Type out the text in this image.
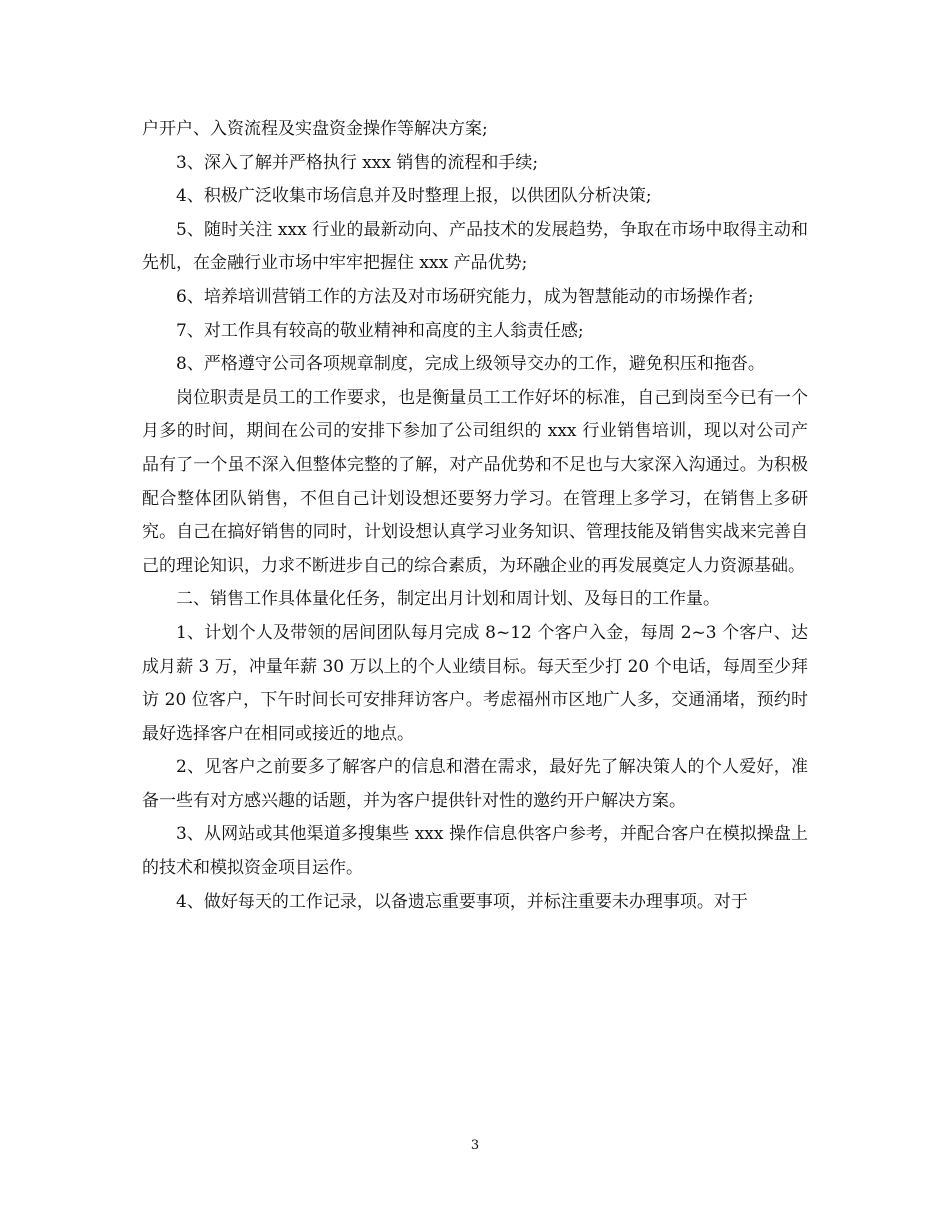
户开户、入资流程及实盘资金操作等解决方案;

3、深入了解并严格执行 xxx 销售的流程和手续;

4、积极广泛收集市场信息并及时整理上报，以供团队分析决策;

5、随时关注 xxx 行业的最新动向、产品技术的发展趋势，争取在市场中取得主动和先机，在金融行业市场中牢牢把握住 xxx 产品优势;

6、培养培训营销工作的方法及对市场研究能力，成为智慧能动的市场操作者;

7、对工作具有较高的敬业精神和高度的主人翁责任感;

8、严格遵守公司各项规章制度，完成上级领导交办的工作，避免积压和拖沓。

岗位职责是员工的工作要求，也是衡量员工工作好坏的标准，自己到岗至今已有一个月多的时间，期间在公司的安排下参加了公司组织的 xxx 行业销售培训，现以对公司产品有了一个虽不深入但整体完整的了解，对产品优势和不足也与大家深入沟通过。为积极配合整体团队销售，不但自己计划设想还要努力学习。在管理上多学习，在销售上多研究。自己在搞好销售的同时，计划设想认真学习业务知识、管理技能及销售实战来完善自己的理论知识，力求不断进步自己的综合素质，为环融企业的再发展奠定人力资源基础。

二、销售工作具体量化任务，制定出月计划和周计划、及每日的工作量。

1、计划个人及带领的居间团队每月完成 8~12 个客户入金，每周 2~3 个客户、达成月薪 3 万，冲量年薪 30 万以上的个人业绩目标。每天至少打 20 个电话，每周至少拜访 20 位客户，下午时间长可安排拜访客户。考虑福州市区地广人多，交通涌堵，预约时最好选择客户在相同或接近的地点。

2、见客户之前要多了解客户的信息和潜在需求，最好先了解决策人的个人爱好，准备一些有对方感兴趣的话题，并为客户提供针对性的邀约开户解决方案。

3、从网站或其他渠道多搜集些 xxx 操作信息供客户参考，并配合客户在模拟操盘上的技术和模拟资金项目运作。

4、做好每天的工作记录，以备遗忘重要事项，并标注重要未办理事项。对于

3
